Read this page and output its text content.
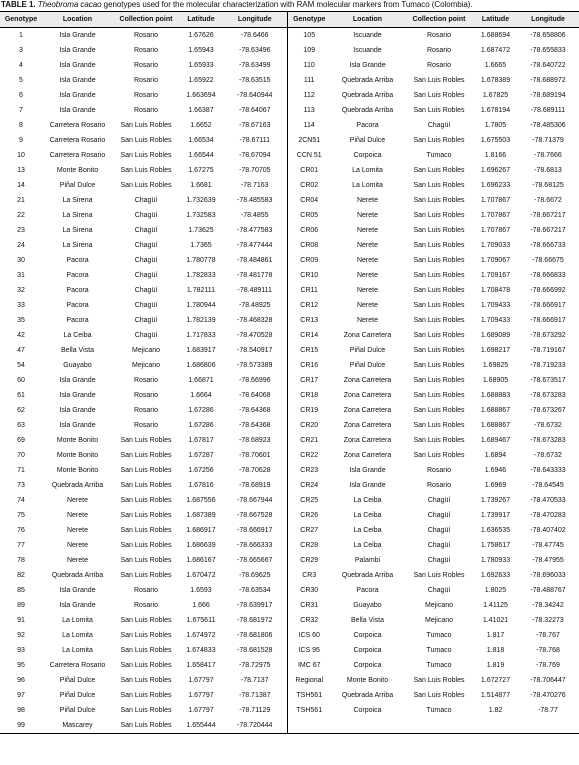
TABLE 1. Theobroma cacao genotypes used for the molecular characterization with RAM molecular markers from Tumaco (Colombia).
Genotype	Location	Collection point	Latitude	Longitude	Genotype	Location	Collection point	Latitude	Longitude
1	Isla Grande	Rosario	1.67626	-78.6466	105	Iscuande	Rosario	1.688694	-78.658806
3	Isla Grande	Rosario	1.65943	-78.63496	109	Iscuande	Rosario	1.687472	-78.655833
4	Isla Grande	Rosario	1.65933	-78.63499	110	Isla Grande	Rosario	1.6665	-78.640722
5	Isla Grande	Rosario	1.65922	-78.63515	111	Quebrada Arriba	San Luis Robles	1.678389	-78.688972
6	Isla Grande	Rosario	1.663694	-78.640944	112	Quebrada Arriba	San Luis Robles	1.67825	-78.689194
7	Isla Grande	Rosario	1.66387	-78.64067	113	Quebrada Arriba	San Luis Robles	1.678194	-78.689111
8	Carretera Rosario	San Luis Robles	1.6652	-78.67163	114	Pacora	Chagüí	1.7805	-78.485306
9	Carretera Rosario	San Luis Robles	1.66534	-78.67111	2CN51	Piñal Dulce	San Luis Robles	1.675503	-78.71379
10	Carretera Rosario	San Luis Robles	1.66544	-78.67094	CCN 51	Corpoica	Tumaco	1.8166	-78.7666
13	Monte Bonito	San Luis Robles	1.67275	-78.70705	CR01	La Lomita	San Luis Robles	1.696267	-78.6813
14	Piñal Dulce	San Luis Robles	1.6681	-78.7163	CR02	La Lomita	San Luis Robles	1.696233	-78.68125
21	La Sirena	Chagüí	1.732639	-78.485583	CR04	Nerete	San Luis Robles	1.707867	-78.6672
22	La Sirena	Chagüí	1.732583	-78.4855	CR05	Nerete	San Luis Robles	1.707867	-78.667217
23	La Sirena	Chagüí	1.73625	-78.477583	CR06	Nerete	San Luis Robles	1.707867	-78.667217
24	La Sirena	Chagüí	1.7365	-78.477444	CR08	Nerete	San Luis Robles	1.709033	-78.666733
30	Pacora	Chagüí	1.780778	-78.484861	CR09	Nerete	San Luis Robles	1.709067	-78.66675
31	Pacora	Chagüí	1.782833	-78.481778	CR10	Nerete	San Luis Robles	1.709167	-78.666833
32	Pacora	Chagüí	1.782111	-78.489111	CR11	Nerete	San Luis Robles	1.708478	-78.666992
33	Pacora	Chagüí	1.780944	-78.48925	CR12	Nerete	San Luis Robles	1.709433	-78.666917
35	Pacora	Chagüí	1.782139	-78.468328	CR13	Nerete	San Luis Robles	1.709433	-78.666917
42	La Ceiba	Chagüí	1.717833	-78.470528	CR14	Zona Carretera	San Luis Robles	1.689089	-78.673292
47	Bella Vista	Mejicano	1.683917	-78.540917	CR15	Piñal Dulce	San Luis Robles	1.698217	-78.719167
54	Guayabo	Mejicano	1.686806	-78.573389	CR16	Piñal Dulce	San Luis Robles	1.69825	-78.719233
60	Isla Grande	Rosario	1.66871	-78.66996	CR17	Zona Carretera	San Luis Robles	1.68905	-78.673517
61	Isla Grande	Rosario	1.6664	-78.64068	CR18	Zona Carretera	San Luis Robles	1.688883	-78.673283
62	Isla Grande	Rosario	1.67286	-78.64368	CR19	Zona Carretera	San Luis Robles	1.688867	-78.673267
63	Isla Grande	Rosario	1.67286	-78.64368	CR20	Zona Carretera	San Luis Robles	1.688867	-78.6732
69	Monte Bonito	San Luis Robles	1.67817	-78.68923	CR21	Zona Carretera	San Luis Robles	1.689467	-78.673283
70	Monte Bonito	San Luis Robles	1.67287	-78.70601	CR22	Zona Carretera	San Luis Robles	1.6894	-78.6732
71	Monte Bonito	San Luis Robles	1.67256	-78.70628	CR23	Isla Grande	Rosario	1.6946	-78.643333
73	Quebrada Arriba	San Luis Robles	1.67816	-78.68919	CR24	Isla Grande	Rosario	1.6969	-78.64545
74	Nerete	San Luis Robles	1.687556	-78.667944	CR25	La Ceiba	Chagüí	1.739267	-78.470533
75	Nerete	San Luis Robles	1.687389	-78.667528	CR26	La Ceiba	Chagüí	1.739917	-78.470283
76	Nerete	San Luis Robles	1.686917	-78.666917	CR27	La Ceiba	Chagüí	1.636535	-78.407402
77	Nerete	San Luis Robles	1.686639	-78.666333	CR28	La Ceiba	Chagüí	1.758617	-78.47745
78	Nerete	San Luis Robles	1.686167	-78.665667	CR29	Palambi	Chagüí	1.780933	-78.47955
82	Quebrada Arriba	San Luis Robles	1.670472	-78.69625	CR3	Quebrada Arriba	San Luis Robles	1.692633	-78.696033
85	Isla Grande	Rosario	1.6593	-78.63534	CR30	Pacora	Chagüí	1.8025	-78.488767
89	Isla Grande	Rosario	1.666	-78.639917	CR31	Guayabo	Mejicano	1.41125	-78.34242
91	La Lomita	San Luis Robles	1.675611	-78.681972	CR32	Bella Vista	Mejicano	1.41021	-78.32273
92	La Lomita	San Luis Robles	1.674972	-78.681806	ICS 60	Corpoica	Tumaco	1.817	-78.767
93	La Lomita	San Luis Robles	1.674833	-78.681528	ICS 95	Corpoica	Tumaco	1.818	-78.768
95	Carretera Rosario	San Luis Robles	1.658417	-78.72975	IMC 67	Corpoica	Tumaco	1.819	-78.769
96	Piñal Dulce	San Luis Robles	1.67797	-78.7137	Regional	Monte Bonito	San Luis Robles	1.672727	-78.706447
97	Piñal Dulce	San Luis Robles	1.67797	-78.71387	TSH561	Quebrada Arriba	San Luis Robles	1.514877	-78.470276
98	Piñal Dulce	San Luis Robles	1.67797	-78.71129	TSH561	Corpoica	Tumaco	1.82	-78.77
99	Mascarey	San Luis Robles	1.655444	-78.720444					
